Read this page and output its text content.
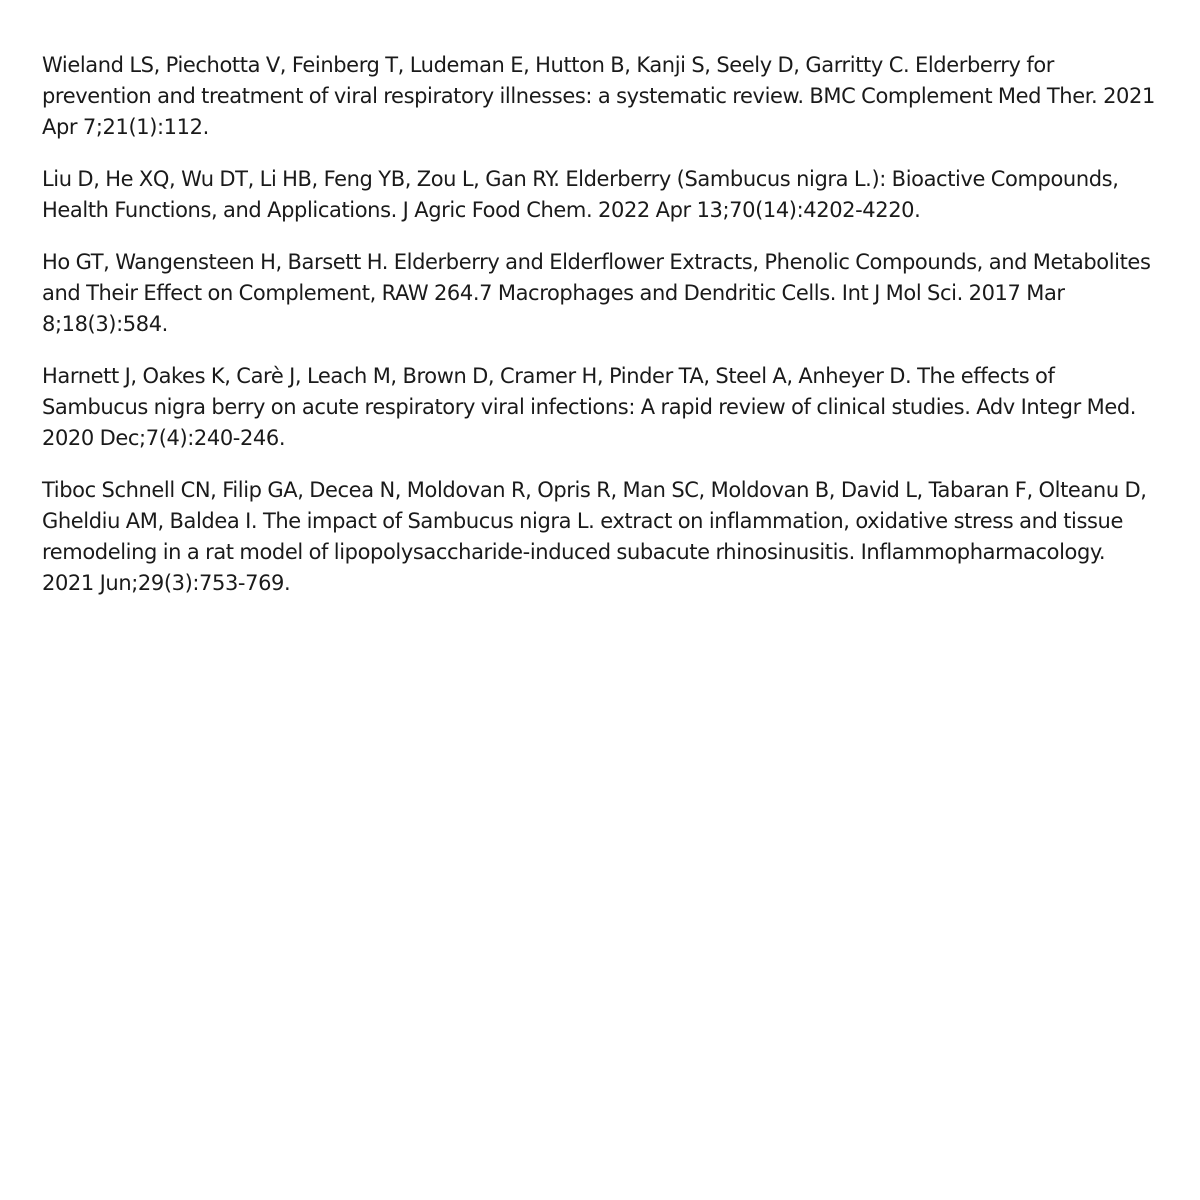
Wieland LS, Piechotta V, Feinberg T, Ludeman E, Hutton B, Kanji S, Seely D, Garritty C. Elderberry for prevention and treatment of viral respiratory illnesses: a systematic review. BMC Complement Med Ther. 2021 Apr 7;21(1):112.
Liu D, He XQ, Wu DT, Li HB, Feng YB, Zou L, Gan RY. Elderberry (Sambucus nigra L.): Bioactive Compounds, Health Functions, and Applications. J Agric Food Chem. 2022 Apr 13;70(14):4202-4220.
Ho GT, Wangensteen H, Barsett H. Elderberry and Elderflower Extracts, Phenolic Compounds, and Metabolites and Their Effect on Complement, RAW 264.7 Macrophages and Dendritic Cells. Int J Mol Sci. 2017 Mar 8;18(3):584.
Harnett J, Oakes K, Carè J, Leach M, Brown D, Cramer H, Pinder TA, Steel A, Anheyer D. The effects of Sambucus nigra berry on acute respiratory viral infections: A rapid review of clinical studies. Adv Integr Med. 2020 Dec;7(4):240-246.
Tiboc Schnell CN, Filip GA, Decea N, Moldovan R, Opris R, Man SC, Moldovan B, David L, Tabaran F, Olteanu D, Gheldiu AM, Baldea I. The impact of Sambucus nigra L. extract on inflammation, oxidative stress and tissue remodeling in a rat model of lipopolysaccharide-induced subacute rhinosinusitis. Inflammopharmacology. 2021 Jun;29(3):753-769.
